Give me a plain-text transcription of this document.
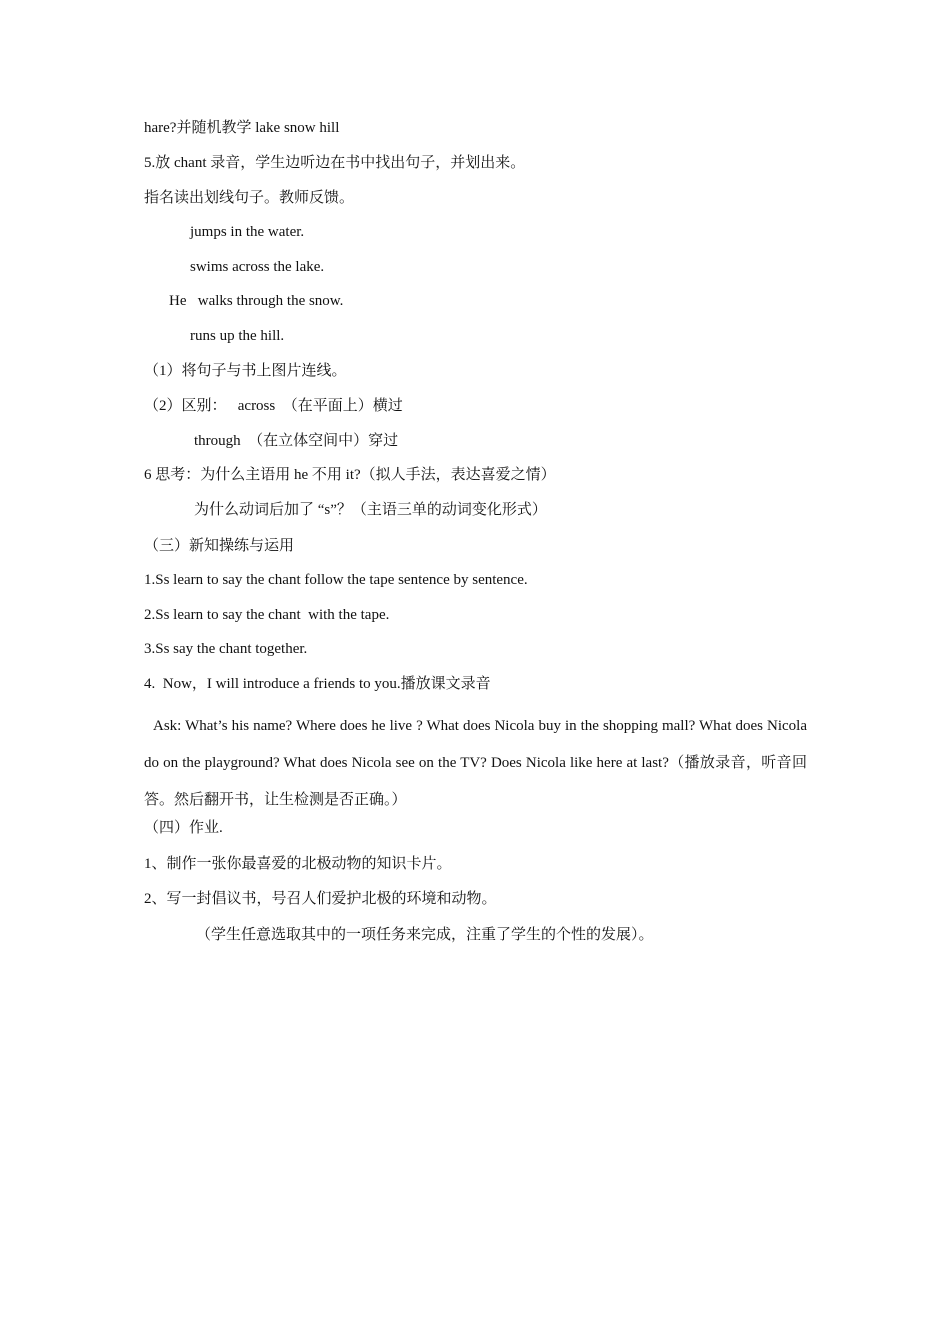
hare?并随机教学 lake snow hill
5.放 chant 录音，学生边听边在书中找出句子，并划出来。
指名读出划线句子。教师反馈。
jumps in the water.
swims across the lake.
He   walks through the snow.
runs up the hill.
（1）将句子与书上图片连线。
（2）区别：   across  （在平面上）横过
through  （在立体空间中）穿过
6 思考：为什么主语用 he 不用 it?（拟人手法，表达喜爱之情）
为什么动词后加了 “s”？（主语三单的动词变化形式）
（三）新知操练与运用
1.Ss learn to say the chant follow the tape sentence by sentence.
2.Ss learn to say the chant  with the tape.
3.Ss say the chant together.
4.  Now，I will introduce a friends to you.播放课文录音
Ask: What’s his name? Where does he live ? What does Nicola buy in the shopping mall? What does Nicola do on the playground? What does Nicola see on the TV? Does Nicola like here at last?（播放录音，听音回答。然后翻开书，让生检测是否正确。）
（四）作业.
1、制作一张你最喜爱的北极动物的知识卡片。
2、写一封倡议书，号召人们爱护北极的环境和动物。
（学生任意选取其中的一项任务来完成，注重了学生的个性的发展）。
